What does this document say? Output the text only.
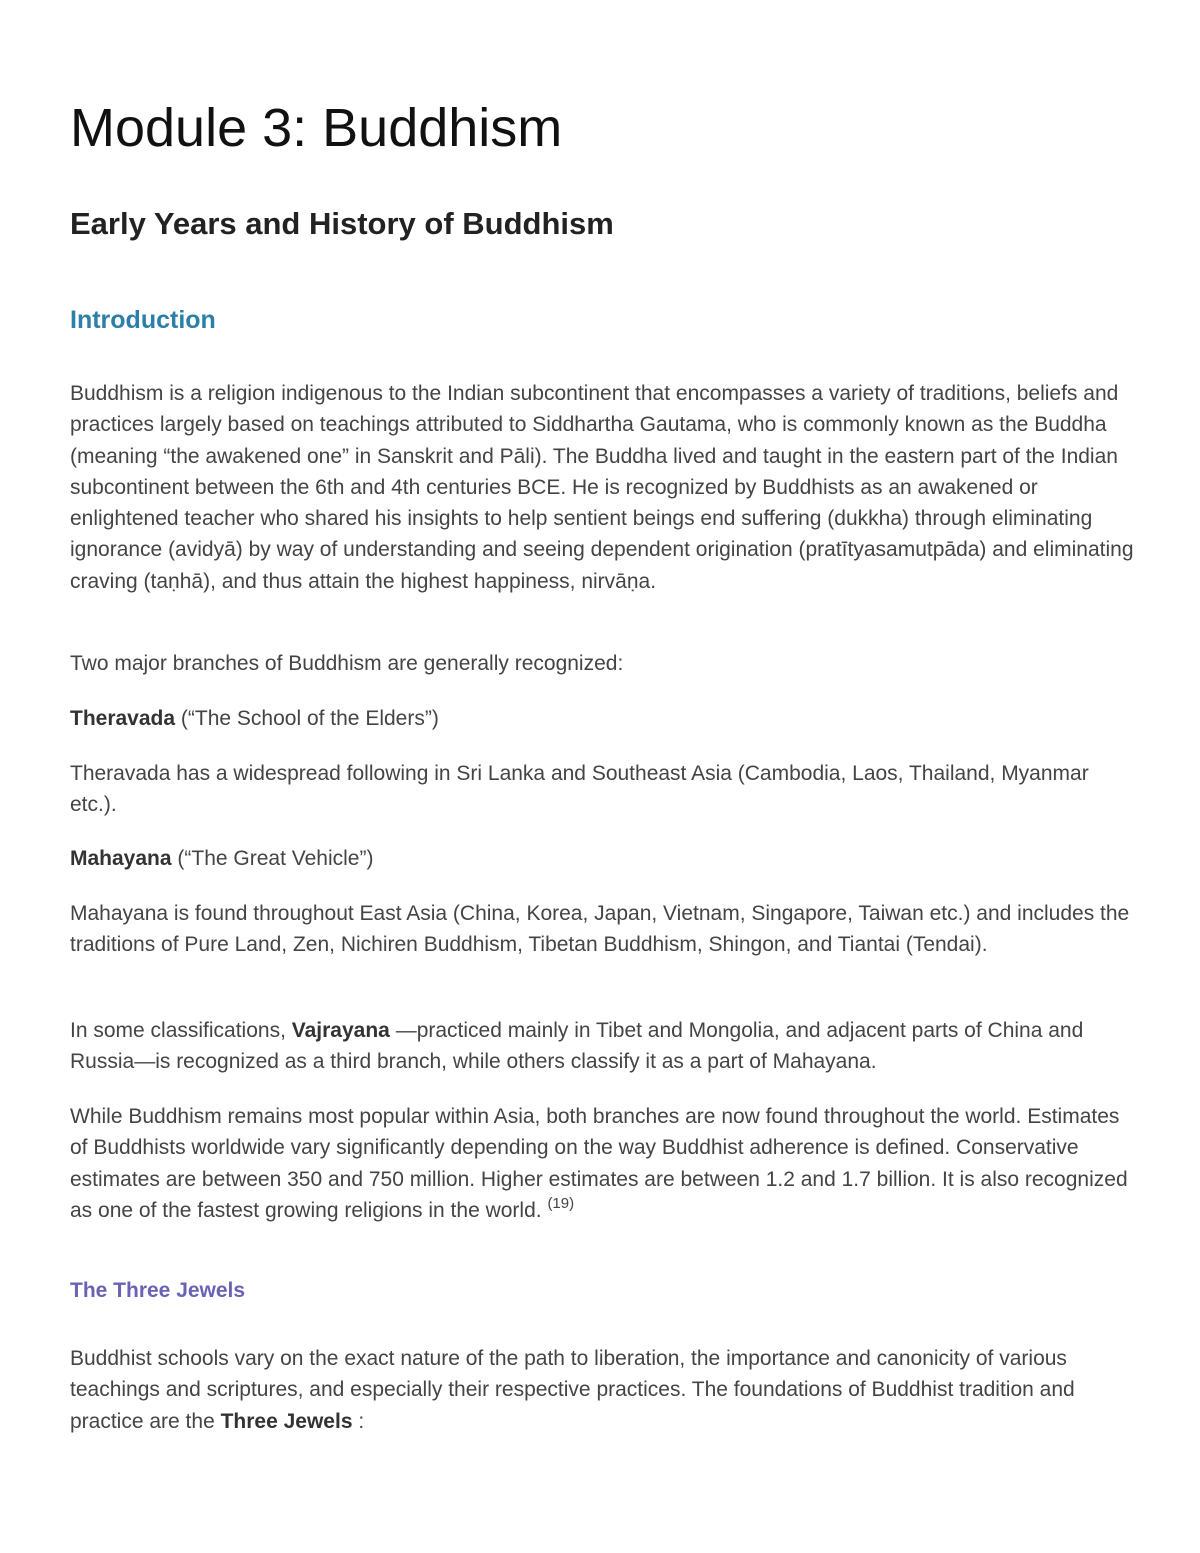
Module 3: Buddhism
Early Years and History of Buddhism
Introduction

Buddhism is a religion indigenous to the Indian subcontinent that encompasses a variety of traditions, beliefs and practices largely based on teachings attributed to Siddhartha Gautama, who is commonly known as the Buddha (meaning “the awakened one” in Sanskrit and Pāli). The Buddha lived and taught in the eastern part of the Indian subcontinent between the 6th and 4th centuries BCE. He is recognized by Buddhists as an awakened or enlightened teacher who shared his insights to help sentient beings end suffering (dukkha) through eliminating ignorance (avidyā) by way of understanding and seeing dependent origination (pratītyasamutpāda) and eliminating craving (taṇhā), and thus attain the highest happiness, nirvāṇa.

Two major branches of Buddhism are generally recognized:

Theravada (“The School of the Elders”)

Theravada has a widespread following in Sri Lanka and Southeast Asia (Cambodia, Laos, Thailand, Myanmar etc.).

Mahayana (“The Great Vehicle”)

Mahayana is found throughout East Asia (China, Korea, Japan, Vietnam, Singapore, Taiwan etc.) and includes the traditions of Pure Land, Zen, Nichiren Buddhism, Tibetan Buddhism, Shingon, and Tiantai (Tendai).

In some classifications, Vajrayana —practiced mainly in Tibet and Mongolia, and adjacent parts of China and Russia—is recognized as a third branch, while others classify it as a part of Mahayana.

While Buddhism remains most popular within Asia, both branches are now found throughout the world. Estimates of Buddhists worldwide vary significantly depending on the way Buddhist adherence is defined. Conservative estimates are between 350 and 750 million. Higher estimates are between 1.2 and 1.7 billion. It is also recognized as one of the fastest growing religions in the world. $^{(19)}$

The Three Jewels

Buddhist schools vary on the exact nature of the path to liberation, the importance and canonicity of various teachings and scriptures, and especially their respective practices. The foundations of Buddhist tradition and practice are the Three Jewels :
